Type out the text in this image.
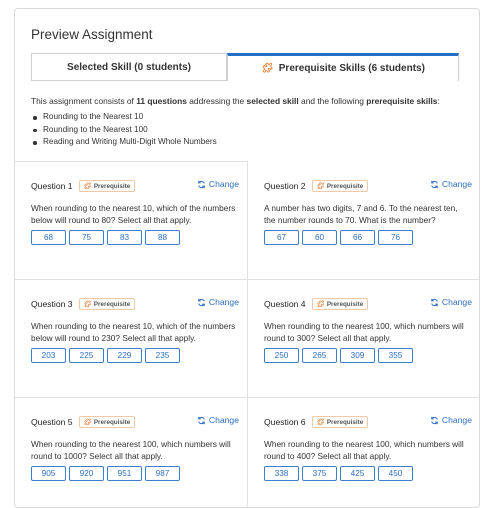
Preview Assignment
Selected Skill (0 students)	🧩︎ Prerequisite Skills (6 students)
This assignment consists of 11 questions addressing the selected skill and the following prerequisite skills:
Rounding to the Nearest 10
Rounding to the Nearest 100
Reading and Writing Multi-Digit Whole Numbers
Question 1 🧩︎ Prerequisite	Change
When rounding to the nearest 10, which of the numbers below will round to 80? Select all that apply.
68	75	83	88
Question 2 🧩︎ Prerequisite	Change
A number has two digits, 7 and 6. To the nearest ten, the number rounds to 70. What is the number?
67	60	66	76
Question 3 🧩︎ Prerequisite	Change
When rounding to the nearest 10, which of the numbers below will round to 230? Select all that apply.
203	225	229	235
Question 4 🧩︎ Prerequisite	Change
When rounding to the nearest 100, which numbers will round to 300? Select all that apply.
250	265	309	355
Question 5 🧩︎ Prerequisite	Change
When rounding to the nearest 100, which numbers will round to 1000? Select all that apply.
905	920	951	987
Question 6 🧩︎ Prerequisite	Change
When rounding to the nearest 100, which numbers will round to 400? Select all that apply.
338	375	425	450
